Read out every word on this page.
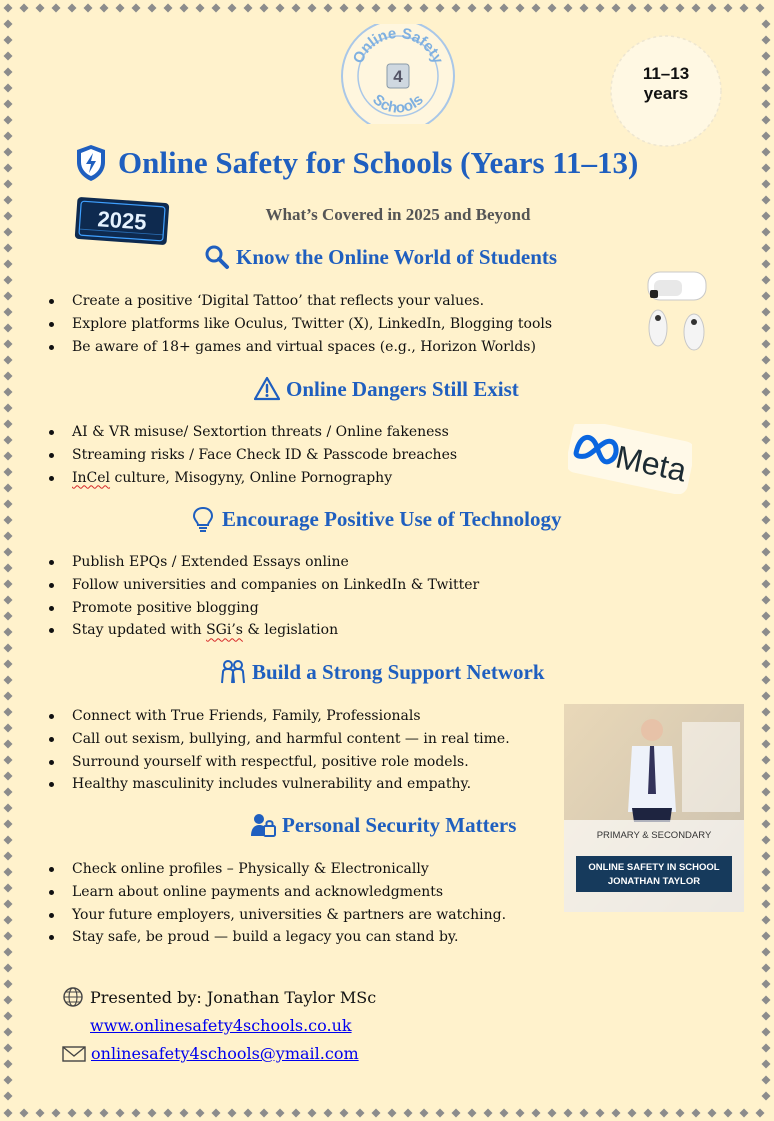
Online Safety
Schools
4	11–13
years
Online Safety for Schools (Years 11–13)
2025	What’s Covered in 2025 and Beyond
Know the Online World of Students
Create a positive ‘Digital Tattoo’ that reflects your values.
Explore platforms like Oculus, Twitter (X), LinkedIn, Blogging tools
Be aware of 18+ games and virtual spaces (e.g., Horizon Worlds)
Online Dangers Still Exist
AI & VR misuse/ Sextortion threats / Online fakeness
Streaming risks / Face Check ID & Passcode breaches
InCel culture, Misogyny, Online Pornography	Meta
Encourage Positive Use of Technology
Publish EPQs / Extended Essays online
Follow universities and companies on LinkedIn & Twitter
Promote positive blogging
Stay updated with SGi’s & legislation
Build a Strong Support Network
Connect with True Friends, Family, Professionals
Call out sexism, bullying, and harmful content — in real time.
Surround yourself with respectful, positive role models.
Healthy masculinity includes vulnerability and empathy.
Personal Security Matters
Check online profiles – Physically & Electronically
Learn about online payments and acknowledgments
Your future employers, universities & partners are watching.
Stay safe, be proud — build a legacy you can stand by.
PRIMARY & SECONDARY
ONLINE SAFETY IN SCHOOL
JONATHAN TAYLOR
Presented by: Jonathan Taylor MSc
www.onlinesafety4schools.co.uk
onlinesafety4schools@ymail.com
